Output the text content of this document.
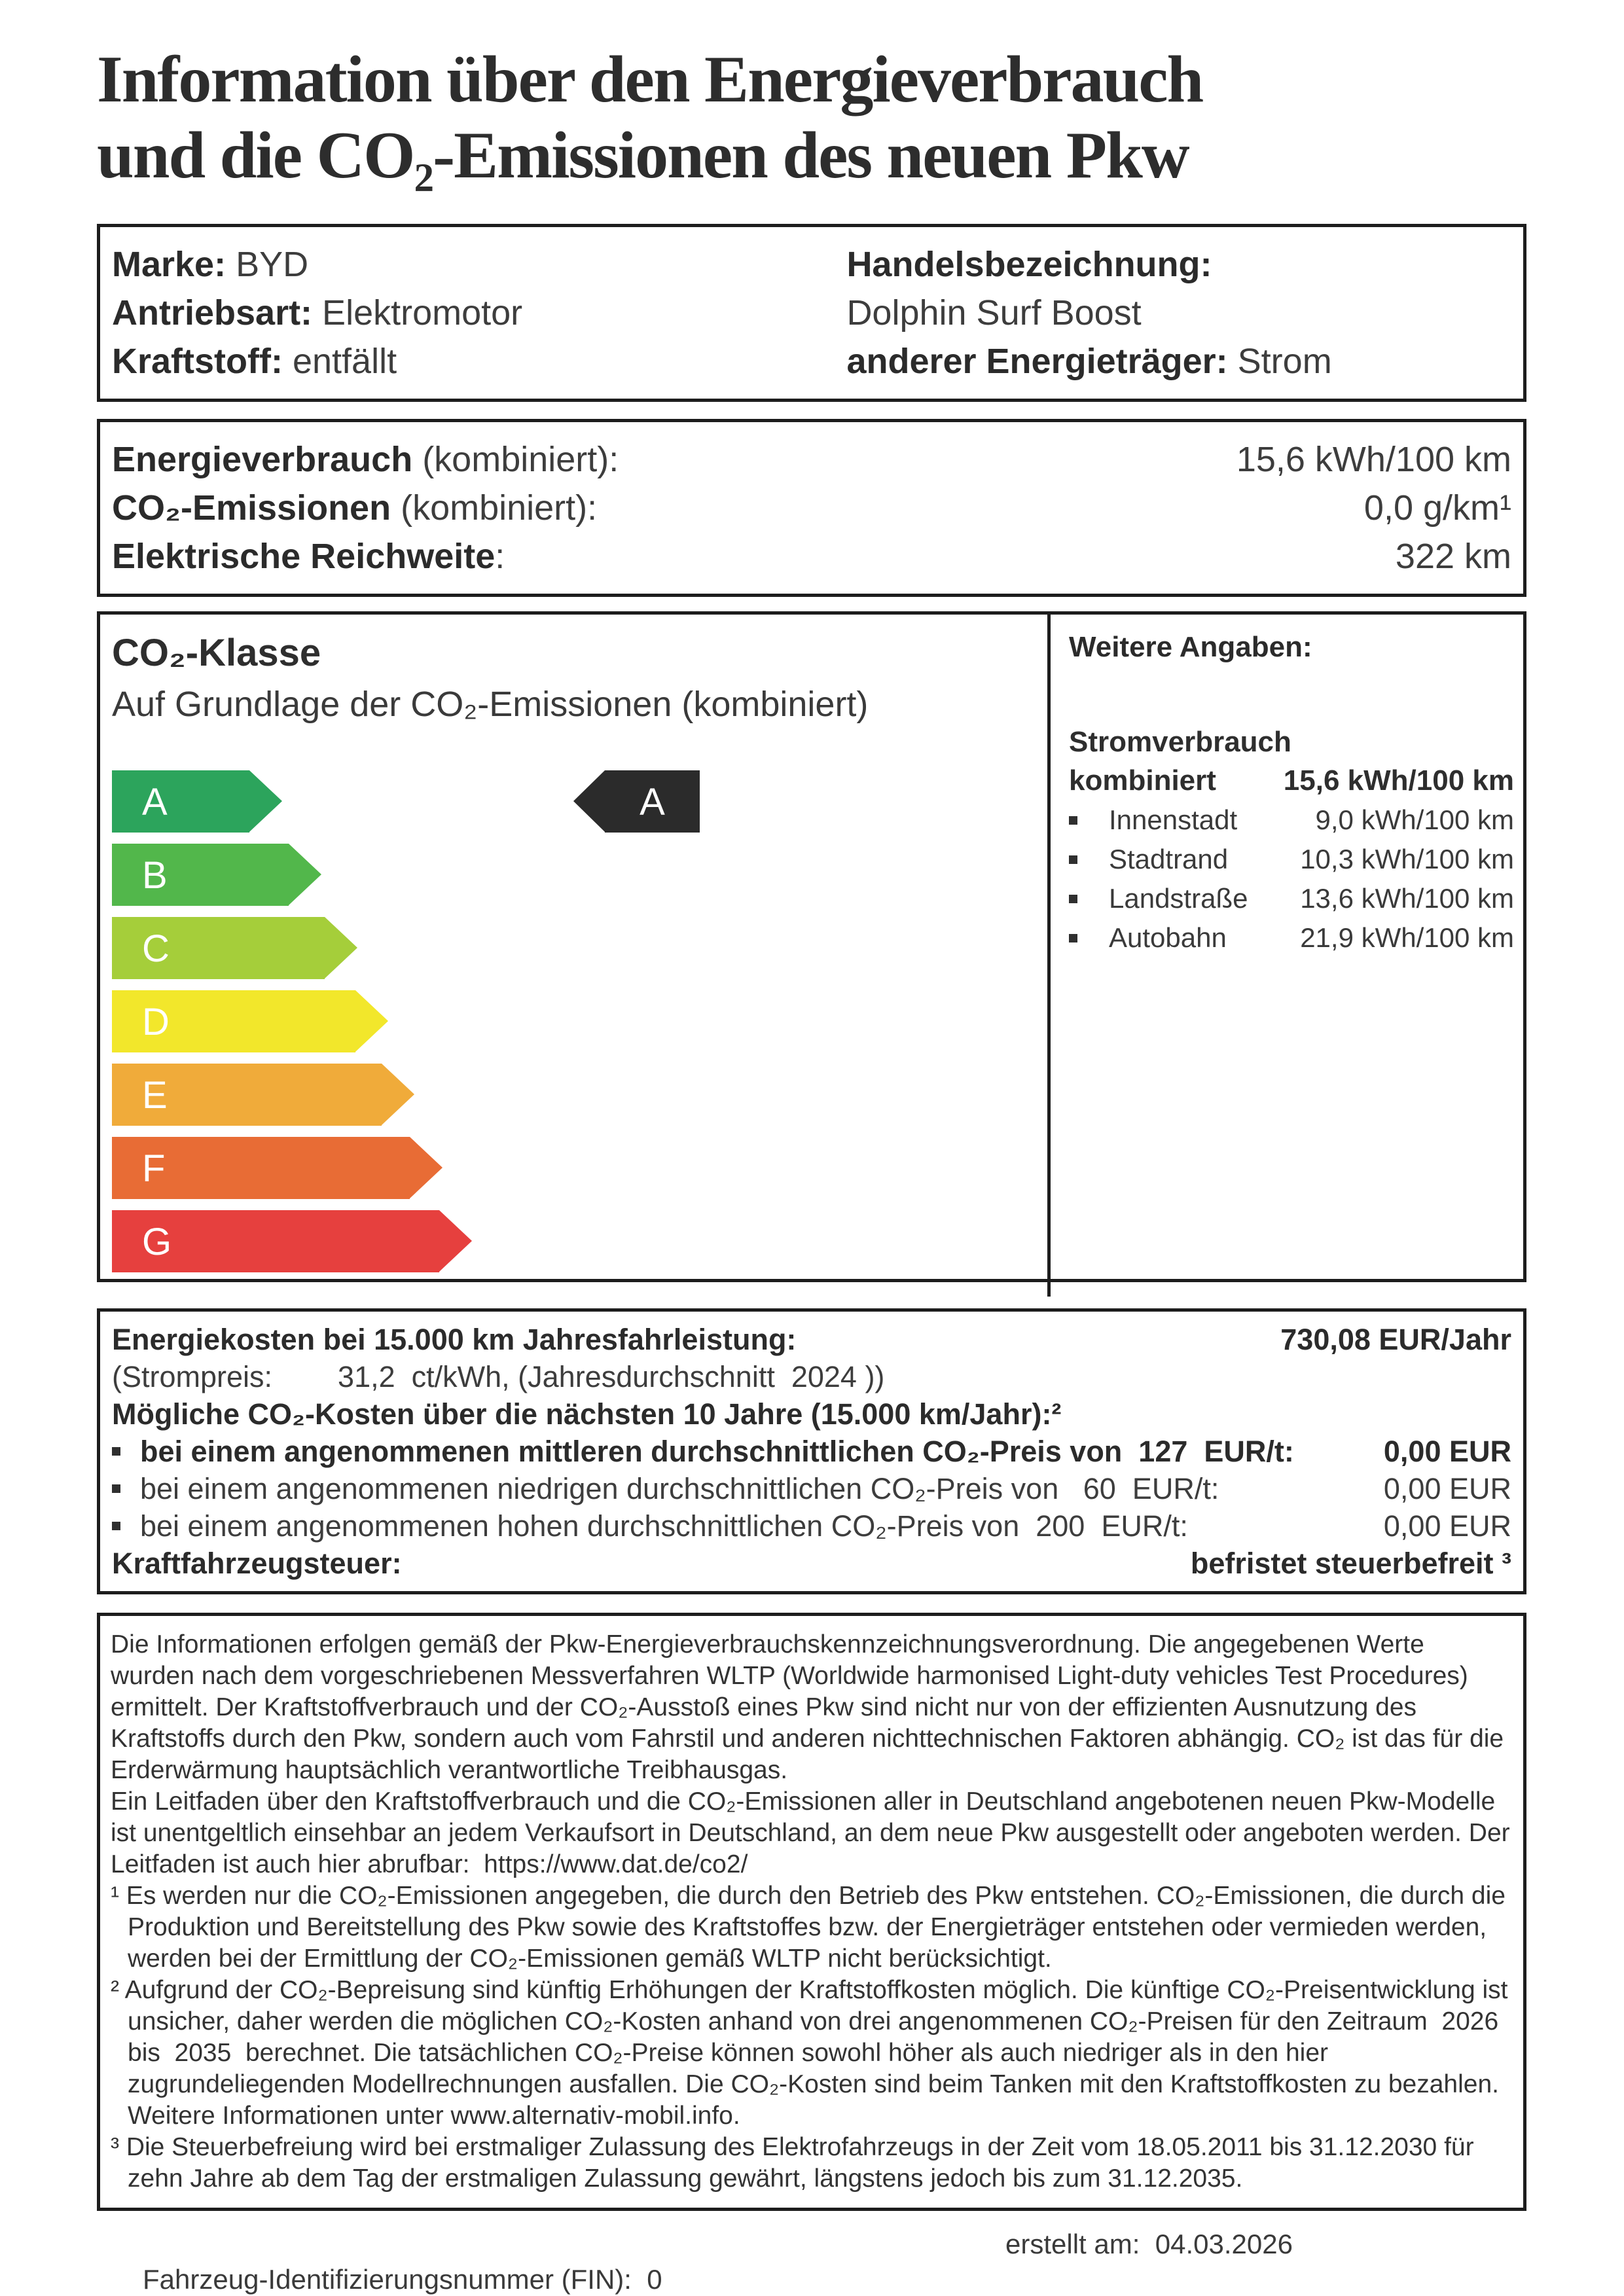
Information über den Energieverbrauch
und die CO₂-Emissionen des neuen Pkw
Marke: BYD
Antriebsart: Elektromotor
Kraftstoff: entfällt
Handelsbezeichnung:
Dolphin Surf Boost
anderer Energieträger: Strom
Energieverbrauch (kombiniert):	15,6 kWh/100 km
CO₂-Emissionen (kombiniert):	0,0 g/km¹
Elektrische Reichweite:	322 km
CO₂-Klasse
Auf Grundlage der CO₂-Emissionen (kombiniert)
A
B
C
D
E
F
G
A
Weitere Angaben:
Stromverbrauch
kombiniert 15,6 kWh/100 km
Innenstadt	9,0 kWh/100 km
Stadtrand	10,3 kWh/100 km
Landstraße 13,6 kWh/100 km
Autobahn	21,9 kWh/100 km
Energiekosten bei 15.000 km Jahresfahrleistung:	730,08 EUR/Jahr
(Strompreis:        31,2  ct/kWh, (Jahresdurchschnitt  2024 ))
Mögliche CO₂-Kosten über die nächsten 10 Jahre (15.000 km/Jahr):²
bei einem angenommenen mittleren durchschnittlichen CO₂-Preis von  127  EUR/t:	0,00 EUR
bei einem angenommenen niedrigen durchschnittlichen CO₂-Preis von   60  EUR/t:	0,00 EUR
bei einem angenommenen hohen durchschnittlichen CO₂-Preis von  200  EUR/t:	0,00 EUR
Kraftfahrzeugsteuer:	befristet steuerbefreit ³

Die Informationen erfolgen gemäß der Pkw-Energieverbrauchskennzeichnungsverordnung. Die angegebenen Werte wurden nach dem vorgeschriebenen Messverfahren WLTP (Worldwide harmonised Light-duty vehicles Test Procedures) ermittelt. Der Kraftstoffverbrauch und der CO₂-Ausstoß eines Pkw sind nicht nur von der effizienten Ausnutzung des Kraftstoffs durch den Pkw, sondern auch vom Fahrstil und anderen nichttechnischen Faktoren abhängig. CO₂ ist das für die Erderwärmung hauptsächlich verantwortliche Treibhausgas.

Ein Leitfaden über den Kraftstoffverbrauch und die CO₂-Emissionen aller in Deutschland angebotenen neuen Pkw-Modelle ist unentgeltlich einsehbar an jedem Verkaufsort in Deutschland, an dem neue Pkw ausgestellt oder angeboten werden. Der Leitfaden ist auch hier abrufbar:  https://www.dat.de/co2/

¹ Es werden nur die CO₂-Emissionen angegeben, die durch den Betrieb des Pkw entstehen. CO₂-Emissionen, die durch die Produktion und Bereitstellung des Pkw sowie des Kraftstoffes bzw. der Energieträger entstehen oder vermieden werden, werden bei der Ermittlung der CO₂-Emissionen gemäß WLTP nicht berücksichtigt.

² Aufgrund der CO₂-Bepreisung sind künftig Erhöhungen der Kraftstoffkosten möglich. Die künftige CO₂-Preisentwicklung ist unsicher, daher werden die möglichen CO₂-Kosten anhand von drei angenommenen CO₂-Preisen für den Zeitraum  2026 bis  2035  berechnet. Die tatsächlichen CO₂-Preise können sowohl höher als auch niedriger als in den hier zugrundeliegenden Modellrechnungen ausfallen. Die CO₂-Kosten sind beim Tanken mit den Kraftstoffkosten zu bezahlen. Weitere Informationen unter www.alternativ-mobil.info.

³ Die Steuerbefreiung wird bei erstmaliger Zulassung des Elektrofahrzeugs in der Zeit vom 18.05.2011 bis 31.12.2030 für zehn Jahre ab dem Tag der erstmaligen Zulassung gewährt, längstens jedoch bis zum 31.12.2035.

Fahrzeug-Identifizierungsnummer (FIN):  0

erstellt am:  04.03.2026
